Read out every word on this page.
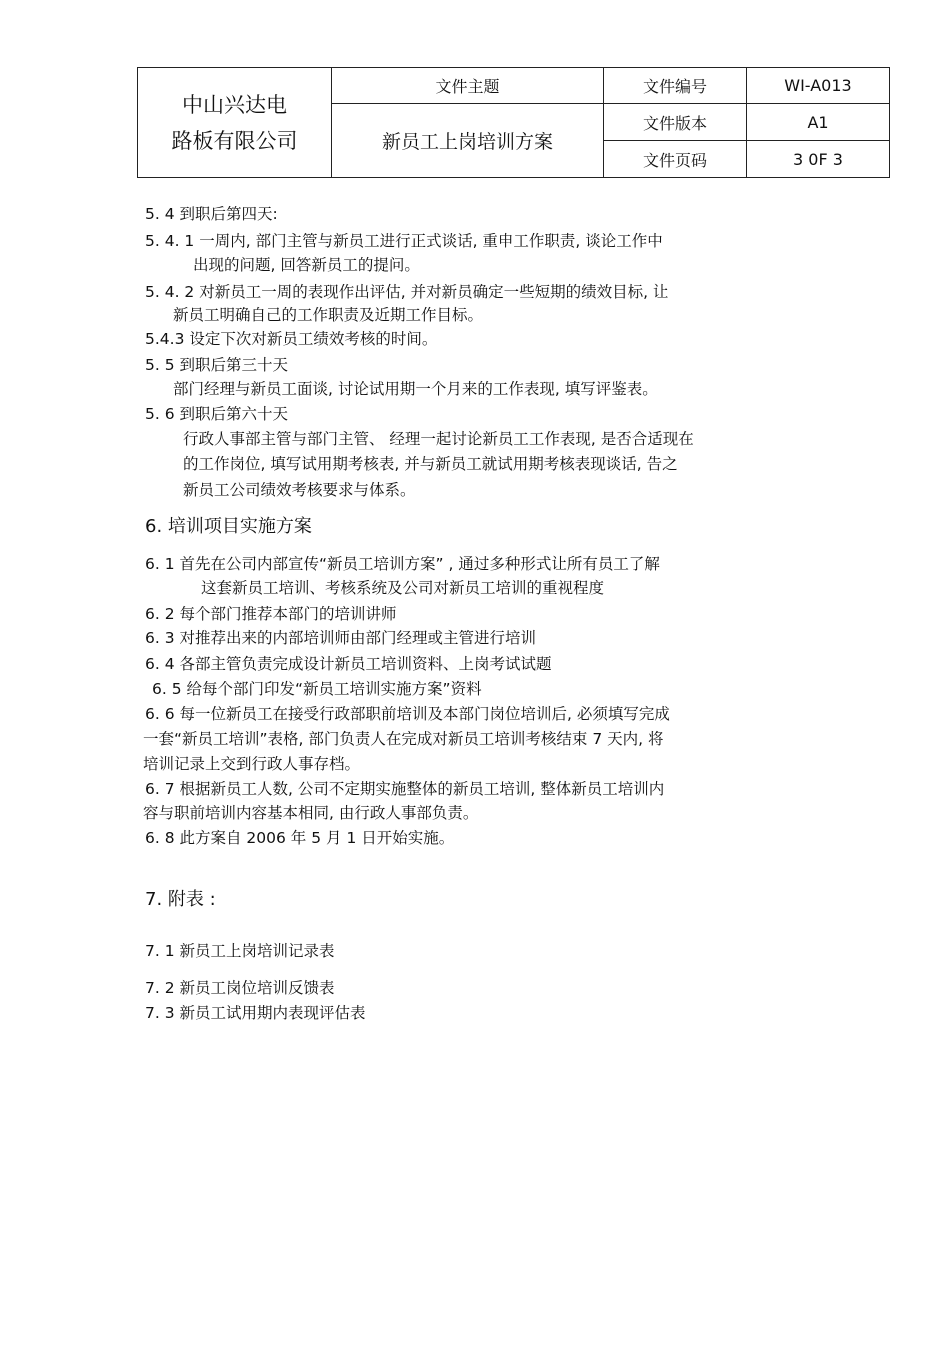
中山兴达电
路板有限公司	文件主题	文件编号	WI-A013
	新员工上岗培训方案	文件版本	A1
		文件页码	3 0F 3
5. 4 到职后第四天:
5. 4. 1 一周内, 部门主管与新员工进行正式谈话, 重申工作职责, 谈论工作中
出现的问题, 回答新员工的提问。
5. 4. 2 对新员工一周的表现作出评估, 并对新员确定一些短期的绩效目标, 让
新员工明确自己的工作职责及近期工作目标。
5.4.3 设定下次对新员工绩效考核的时间。
5. 5 到职后第三十天
部门经理与新员工面谈, 讨论试用期一个月来的工作表现, 填写评鉴表。
5. 6 到职后第六十天
行政人事部主管与部门主管、 经理一起讨论新员工工作表现, 是否合适现在
的工作岗位, 填写试用期考核表, 并与新员工就试用期考核表现谈话, 告之
新员工公司绩效考核要求与体系。
6. 培训项目实施方案
6. 1 首先在公司内部宣传“新员工培训方案” , 通过多种形式让所有员工了解
这套新员工培训、考核系统及公司对新员工培训的重视程度
6. 2 每个部门推荐本部门的培训讲师
6. 3 对推荐出来的内部培训师由部门经理或主管进行培训
6. 4 各部主管负责完成设计新员工培训资料、上岗考试试题
6. 5 给每个部门印发“新员工培训实施方案”资料
6. 6 每一位新员工在接受行政部职前培训及本部门岗位培训后, 必须填写完成
一套“新员工培训”表格, 部门负责人在完成对新员工培训考核结束 7 天内, 将
培训记录上交到行政人事存档。
6. 7 根据新员工人数, 公司不定期实施整体的新员工培训, 整体新员工培训内
容与职前培训内容基本相同, 由行政人事部负责。
6. 8 此方案自 2006 年 5 月 1 日开始实施。
7. 附表 :
7. 1 新员工上岗培训记录表
7. 2 新员工岗位培训反馈表
7. 3 新员工试用期内表现评估表
